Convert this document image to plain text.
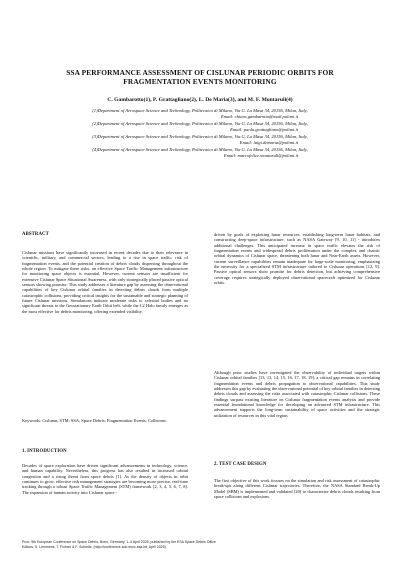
SSA PERFORMANCE ASSESSMENT OF CISLUNAR PERIODIC ORBITS FOR
FRAGMENTATION EVENTS MONITORING
C. Gambarotto(1), P. Grattagliano(2), L. De Maria(3), and M. F. Montaruli(4)
(1)Department of Aerospace Science and Technology, Politecnico di Milano, Via G. La Masa 34, 20156, Milan, Italy,
Email: chiara.gambarotto@mail.polimi.it
(2)Department of Aerospace Science and Technology, Politecnico di Milano, Via G. La Masa 34, 20156, Milan, Italy,
Email: paola.grattagliano@polimi.it
(3)Department of Aerospace Science and Technology, Politecnico di Milano, Via G. La Masa 34, 20156, Milan, Italy,
Email: luigi.demaria@polimi.it
(4)Department of Aerospace Science and Technology, Politecnico di Milano, Via G. La Masa 34, 20156, Milan, Italy,
Email: marcofelice.montaruli@polimi.it

ABSTRACT

Cislunar missions have significantly increased in recent decades due to their relevance in scientific, military, and commercial sectors, leading to a rise in space traffic, risk of fragmentation events, and the potential creation of debris clouds dispersing throughout the whole region. To mitigate these risks, an effective Space Traffic Management infrastructure for monitoring space objects is essential. However, current sensors are insufficient for extensive Cislunar Space Situational Awareness, with only strategically placed passive optical sensors showing promise. This study addresses a literature gap by assessing the observational capabilities of key Cislunar orbital families in detecting debris clouds from multiple catastrophic collisions, providing critical insights for the sustainable and strategic planning of future Cislunar missions. Simulations indicate moderate risks to celestial bodies and no significant threats to the Geostationary Earth Orbit belt, while the L2 Halo family emerges as the most effective for debris monitoring, offering extended visibility.

Keywords: Cislunar; STM; SSA; Space Debris; Fragmentation Events; Collisions.

1. INTRODUCTION

Decades of space exploration have driven significant advancements in technology, science, and human capability. Nevertheless, this progress has also resulted in increased orbital congestion and a rising threat from space debris [1]. As the density of objects in orbit continues to grow, effective risk management strategies are becoming more precise, real-time tracking through a robust Space Traffic Management (STM) framework [2, 3, 4, 5, 6, 7, 8]. The expansion of human activity into Cislunar space -

driven by goals of exploiting lunar resources, establishing long-term lunar habitats, and constructing deep-space infrastructure, such as NASA Gateway [9, 10, 11] - introduces additional challenges. This anticipated increase in space traffic elevates the risk of fragmentation events and widespread debris proliferation under the complex and chaotic orbital dynamics of Cislunar space, threatening both lunar and Near-Earth assets. However, current surveillance capabilities remain inadequate for large-scale monitoring, emphasizing the necessity for a specialized STM infrastructure tailored to Cislunar operations [12, 9]. Passive optical sensors show promise for debris detection, but achieving comprehensive coverage requires strategically deployed observational spacecraft optimized for Cislunar orbits.

Although prior studies have investigated the observability of individual targets within Cislunar orbital families [13, 12, 14, 15, 16, 17, 18, 19], a critical gap remains in correlating fragmentation events and debris propagation to observational capabilities. This study addresses this gap by evaluating the observational potential of key orbital families in detecting debris clouds and assessing the risks associated with catastrophic Cislunar collisions. These findings surpass existing literature on Cislunar fragmentation events analysis and provide essential foundational knowledge for developing an advanced STM infrastructure. This advancement supports the long-term sustainability of space activities and the strategic utilization of resources in this vital region.

2. TEST CASE DESIGN

The first objective of this work focuses on the simulation and risk assessment of catastrophic break-ups along different Cislunar trajectories. Therefore, the NASA Standard Break-Up Model (SBM) is implemented and validated [20] to characterize debris clouds resulting from space collisions and explosions.

Proc. 9th European Conference on Space Debris, Bonn, Germany, 1–4 April 2025, published by the ESA Space Debris Office
Editors: S. Lemmens, T. Flohrer & F. Schmitz, (http://conference.sdo.esoc.esa.int, April 2025)
